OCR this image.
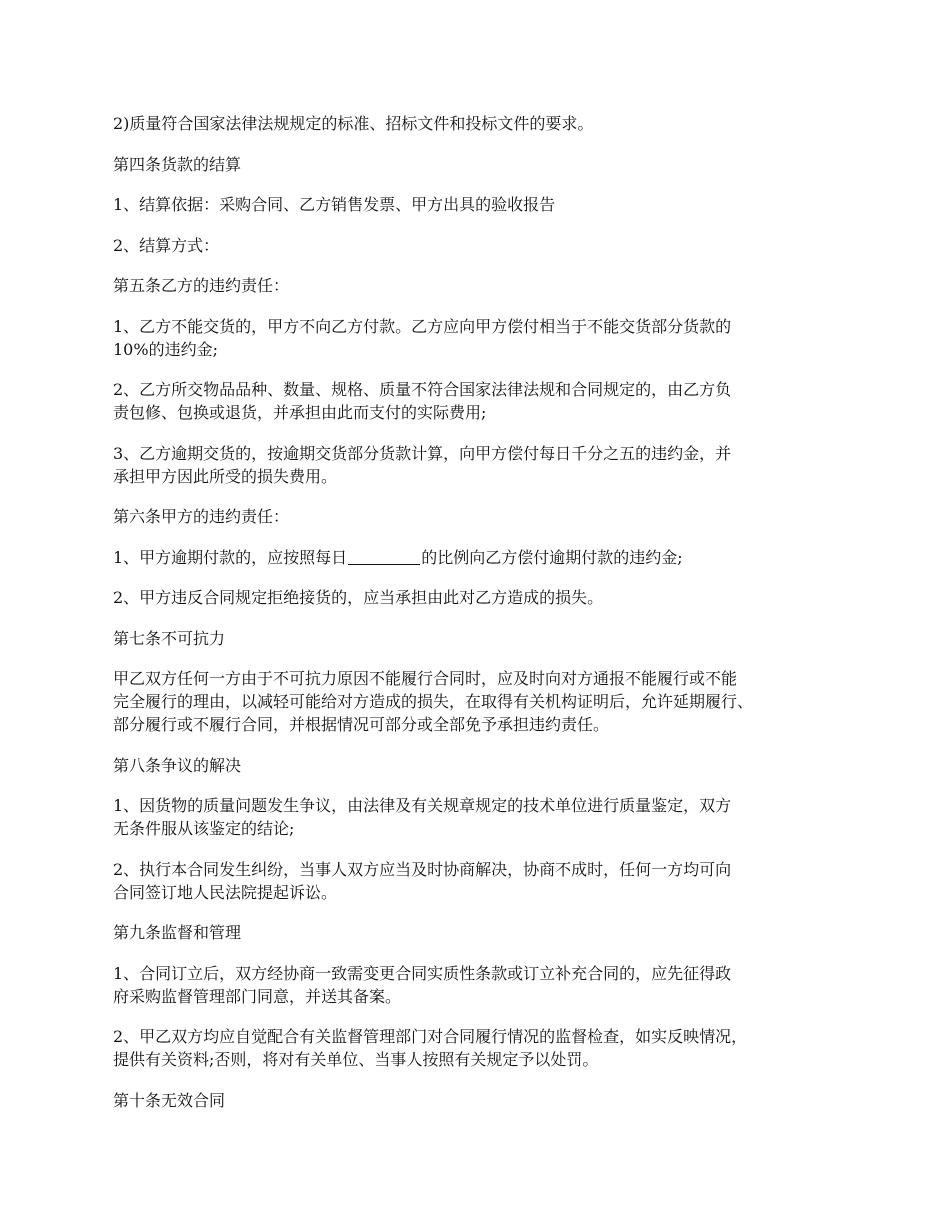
2)质量符合国家法律法规规定的标准、招标文件和投标文件的要求。

第四条货款的结算

1、结算依据：采购合同、乙方销售发票、甲方出具的验收报告

2、结算方式：

第五条乙方的违约责任：

1、乙方不能交货的，甲方不向乙方付款。乙方应向甲方偿付相当于不能交货部分货款的
10%的违约金;

2、乙方所交物品品种、数量、规格、质量不符合国家法律法规和合同规定的，由乙方负
责包修、包换或退货，并承担由此而支付的实际费用;

3、乙方逾期交货的，按逾期交货部分货款计算，向甲方偿付每日千分之五的违约金，并
承担甲方因此所受的损失费用。

第六条甲方的违约责任：

1、甲方逾期付款的，应按照每日	的比例向乙方偿付逾期付款的违约金;

2、甲方违反合同规定拒绝接货的，应当承担由此对乙方造成的损失。

第七条不可抗力

甲乙双方任何一方由于不可抗力原因不能履行合同时，应及时向对方通报不能履行或不能
完全履行的理由，以减轻可能给对方造成的损失，在取得有关机构证明后，允许延期履行、
部分履行或不履行合同，并根据情况可部分或全部免予承担违约责任。

第八条争议的解决

1、因货物的质量问题发生争议，由法律及有关规章规定的技术单位进行质量鉴定，双方
无条件服从该鉴定的结论;

2、执行本合同发生纠纷，当事人双方应当及时协商解决，协商不成时，任何一方均可向
合同签订地人民法院提起诉讼。

第九条监督和管理

1、合同订立后，双方经协商一致需变更合同实质性条款或订立补充合同的，应先征得政
府采购监督管理部门同意，并送其备案。

2、甲乙双方均应自觉配合有关监督管理部门对合同履行情况的监督检查，如实反映情况，
提供有关资料;否则，将对有关单位、当事人按照有关规定予以处罚。

第十条无效合同
